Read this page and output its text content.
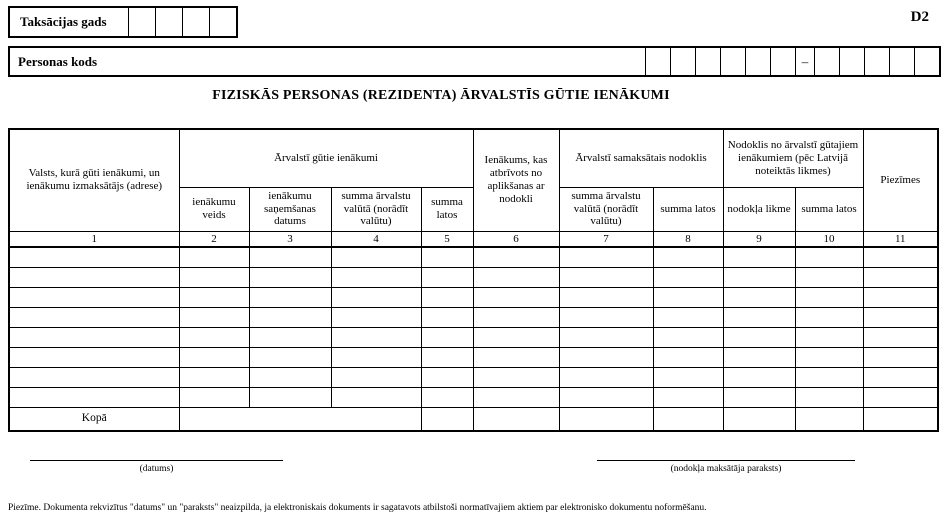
Taksācijas gads	D2
Personas kods	–
FIZISKĀS PERSONAS (REZIDENTA) ĀRVALSTĪS GŪTIE IENĀKUMI
Valsts, kurā gūti ienākumi, un ienākumu izmaksātājs (adrese)	Ārvalstī gūtie ienākumi				Ienākums, kas atbrīvots no aplikšanas ar nodokli	Ārvalstī samaksātais nodoklis		Nodoklis no ārvalstī gūtajiem ienākumiem (pēc Latvijā noteiktās likmes)		Piezīmes
	ienākumu veids	ienākumu saņemšanas datums	summa ārvalstu valūtā (norādīt valūtu)	summa latos		summa ārvalstu valūtā (norādīt valūtu)	summa latos	nodokļa likme	summa latos	
1	2	3	4	5	6	7	8	9	10	11

Kopā										
(datums)	(nodokļa maksātāja paraksts)
Piezīme. Dokumenta rekvizītus "datums" un "paraksts" neaizpilda, ja elektroniskais dokuments ir sagatavots atbilstoši normatīvajiem aktiem par elektronisko dokumentu noformēšanu.
